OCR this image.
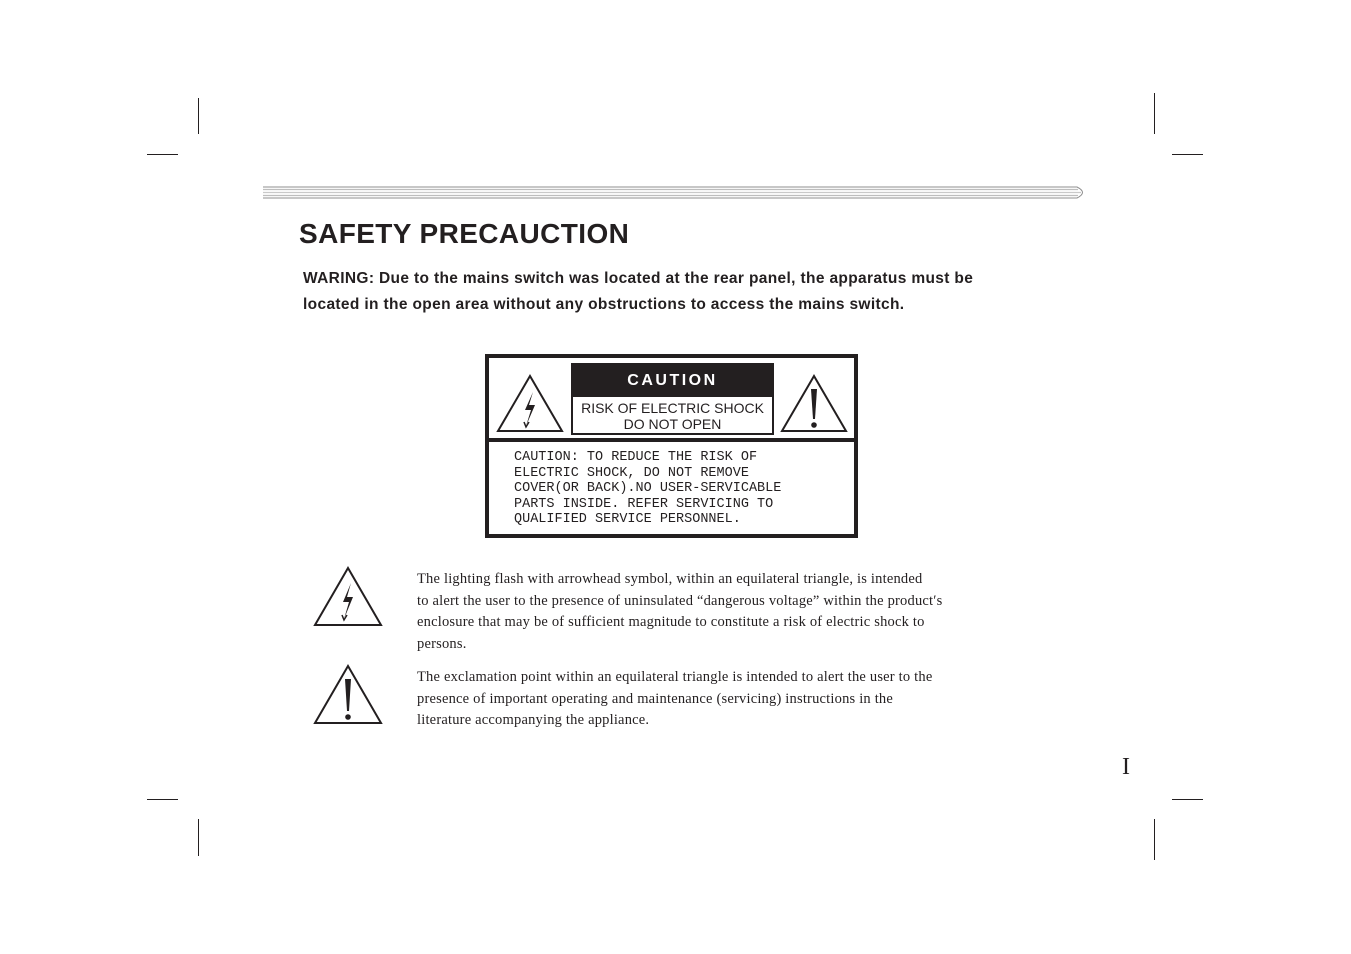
SAFETY PRECAUCTION
WARING: Due to the mains switch was located at the rear panel, the apparatus must be
located in the open area without any obstructions to access the mains switch.
CAUTION
RISK OF ELECTRIC SHOCK
DO NOT OPEN
CAUTION: TO REDUCE THE RISK OF
ELECTRIC SHOCK, DO NOT REMOVE
COVER(OR BACK).NO USER-SERVICABLE
PARTS INSIDE. REFER SERVICING TO
QUALIFIED SERVICE PERSONNEL.
The lighting flash with arrowhead symbol, within an equilateral triangle, is intended
to alert the user to the presence of uninsulated “dangerous voltage” within the product′s
enclosure that may be of sufficient magnitude to constitute a risk of electric shock to
persons.
The exclamation point within an equilateral triangle is intended to alert the user to the
presence of important operating and maintenance (servicing) instructions in the
literature accompanying the appliance.
I
